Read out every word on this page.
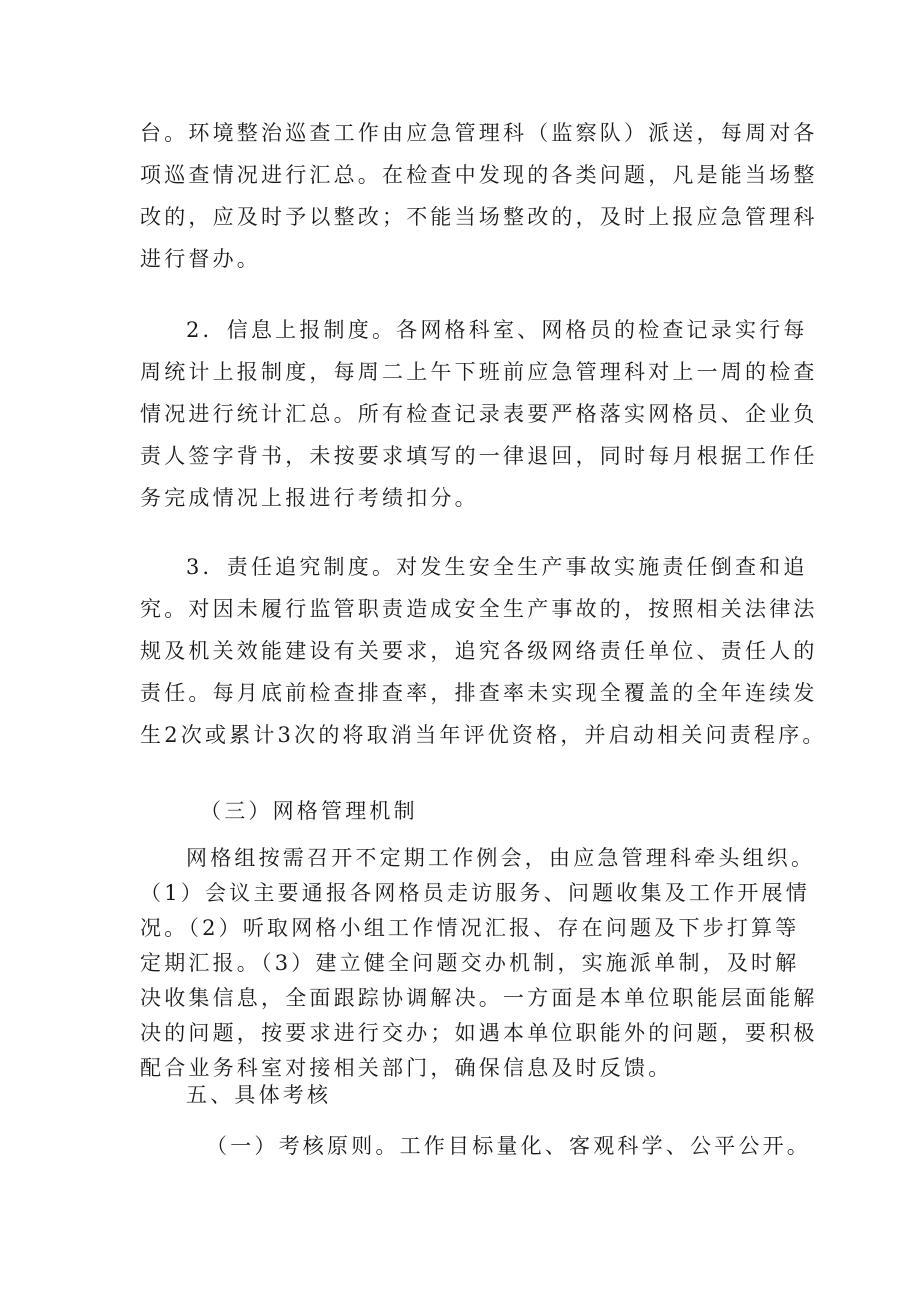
台。环境整治巡查工作由应急管理科（监察队）派送，每周对各
项巡查情况进行汇总。在检查中发现的各类问题，凡是能当场整
改的，应及时予以整改；不能当场整改的，及时上报应急管理科
进行督办。
2．信息上报制度。各网格科室、网格员的检查记录实行每
周统计上报制度，每周二上午下班前应急管理科对上一周的检查
情况进行统计汇总。所有检查记录表要严格落实网格员、企业负
责人签字背书，未按要求填写的一律退回，同时每月根据工作任
务完成情况上报进行考绩扣分。
3．责任追究制度。对发生安全生产事故实施责任倒查和追
究。对因未履行监管职责造成安全生产事故的，按照相关法律法
规及机关效能建设有关要求，追究各级网络责任单位、责任人的
责任。每月底前检查排查率，排查率未实现全覆盖的全年连续发
生2次或累计3次的将取消当年评优资格，并启动相关问责程序。
（三）网格管理机制
网格组按需召开不定期工作例会，由应急管理科牵头组织。
（1）会议主要通报各网格员走访服务、问题收集及工作开展情
况。（2）听取网格小组工作情况汇报、存在问题及下步打算等
定期汇报。（3）建立健全问题交办机制，实施派单制，及时解
决收集信息，全面跟踪协调解决。一方面是本单位职能层面能解
决的问题，按要求进行交办；如遇本单位职能外的问题，要积极
配合业务科室对接相关部门，确保信息及时反馈。
五、具体考核
（一）考核原则。工作目标量化、客观科学、公平公开。
